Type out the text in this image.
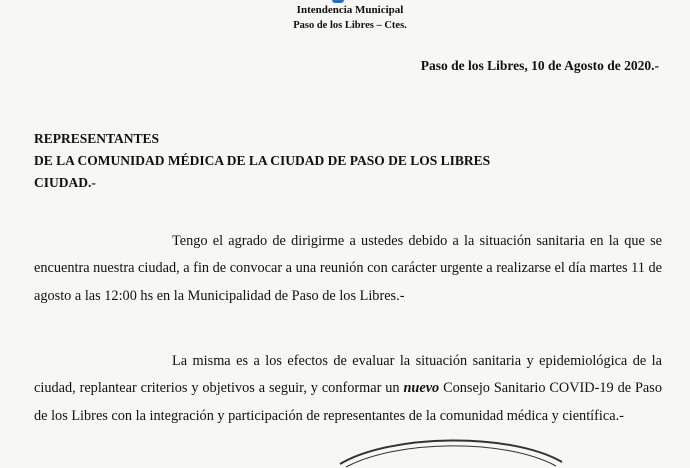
Intendencia Municipal
Paso de los Libres – Ctes.
Paso de los Libres, 10 de Agosto de 2020.-
REPRESENTANTES
DE LA COMUNIDAD MÉDICA DE LA CIUDAD DE PASO DE LOS LIBRES
CIUDAD.-

Tengo el agrado de dirigirme a ustedes debido a la situación sanitaria en la que se encuentra nuestra ciudad, a fin de convocar a una reunión con carácter urgente a realizarse el día martes 11 de agosto a las 12:00 hs en la Municipalidad de Paso de los Libres.-

La misma es a los efectos de evaluar la situación sanitaria y epidemiológica de la ciudad, replantear criterios y objetivos a seguir, y conformar un nuevo Consejo Sanitario COVID-19 de Paso de los Libres con la integración y participación de representantes de la comunidad médica y científica.-
